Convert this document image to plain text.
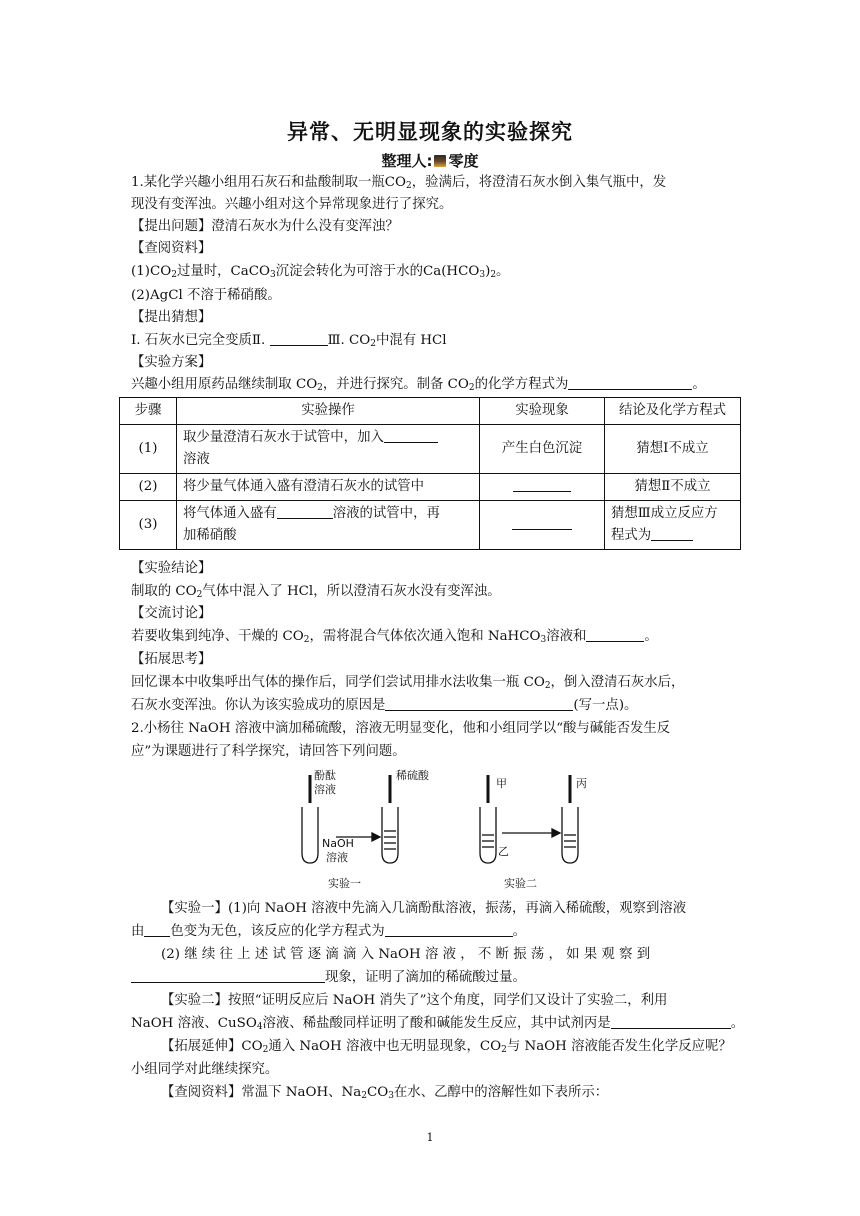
异常、无明显现象的实验探究
整理人: 零度
1.某化学兴趣小组用石灰石和盐酸制取一瓶$CO_2$，验满后，将澄清石灰水倒入集气瓶中，发
现没有变浑浊。兴趣小组对这个异常现象进行了探究。
【提出问题】澄清石灰水为什么没有变浑浊？
【查阅资料】
$(1)CO_2$过量时，CaCO$_3$沉淀会转化为可溶于水的$Ca(HCO_3)_2$。
(2)AgCl 不溶于稀硝酸。
【提出猜想】
Ⅰ. 石灰水已完全变质Ⅱ.	Ⅲ. $CO_2$中混有 HCl
【实验方案】
兴趣小组用原药品继续制取 $CO_2$，并进行探究。制备 $CO_2$的化学方程式为	。
步骤	实验操作	实验现象	结论及化学方程式
(1)	取少量澄清石灰水于试管中，加入
溶液	产生白色沉淀	猜想Ⅰ不成立
(2)	将少量气体通入盛有澄清石灰水的试管中		猜想Ⅱ不成立
(3)	将气体通入盛有 溶液的试管中，再
加稀硝酸		猜想Ⅲ成立反应方
程式为
【实验结论】
制取的 $CO_2$气体中混入了 HCl，所以澄清石灰水没有变浑浊。
【交流讨论】
若要收集到纯净、干燥的 $CO_2$，需将混合气体依次通入饱和 NaHCO$_3$溶液和	。
【拓展思考】
回忆课本中收集呼出气体的操作后，同学们尝试用排水法收集一瓶 $CO_2$，倒入澄清石灰水后，
石灰水变浑浊。你认为该实验成功的原因是	(写一点)。
2.小杨往 NaOH 溶液中滴加稀硫酸，溶液无明显变化，他和小组同学以“酸与碱能否发生反
应”为课题进行了科学探究，请回答下列问题。
酚酞
溶液
稀硫酸
NaOH
溶液
甲	丙
乙
实验一	实验二
【实验一】(1)向 NaOH 溶液中先滴入几滴酚酞溶液，振荡，再滴入稀硫酸，观察到溶液
由 色变为无色，该反应的化学方程式为	。
(2) 继 续 往 上 述 试 管 逐 滴 滴 入 NaOH 溶 液 ， 不 断 振 荡 ， 如 果 观 察 到
现象，证明了滴加的稀硫酸过量。
【实验二】按照“证明反应后 NaOH 消失了”这个角度，同学们又设计了实验二，利用
NaOH 溶液、CuSO$_4$溶液、稀盐酸同样证明了酸和碱能发生反应，其中试剂丙是	。
【拓展延伸】$CO_2$通入 NaOH 溶液中也无明显现象，$CO_2$与 NaOH 溶液能否发生化学反应呢？
小组同学对此继续探究。
【查阅资料】常温下 NaOH、$Na_2CO_3$在水、乙醇中的溶解性如下表所示：
1
